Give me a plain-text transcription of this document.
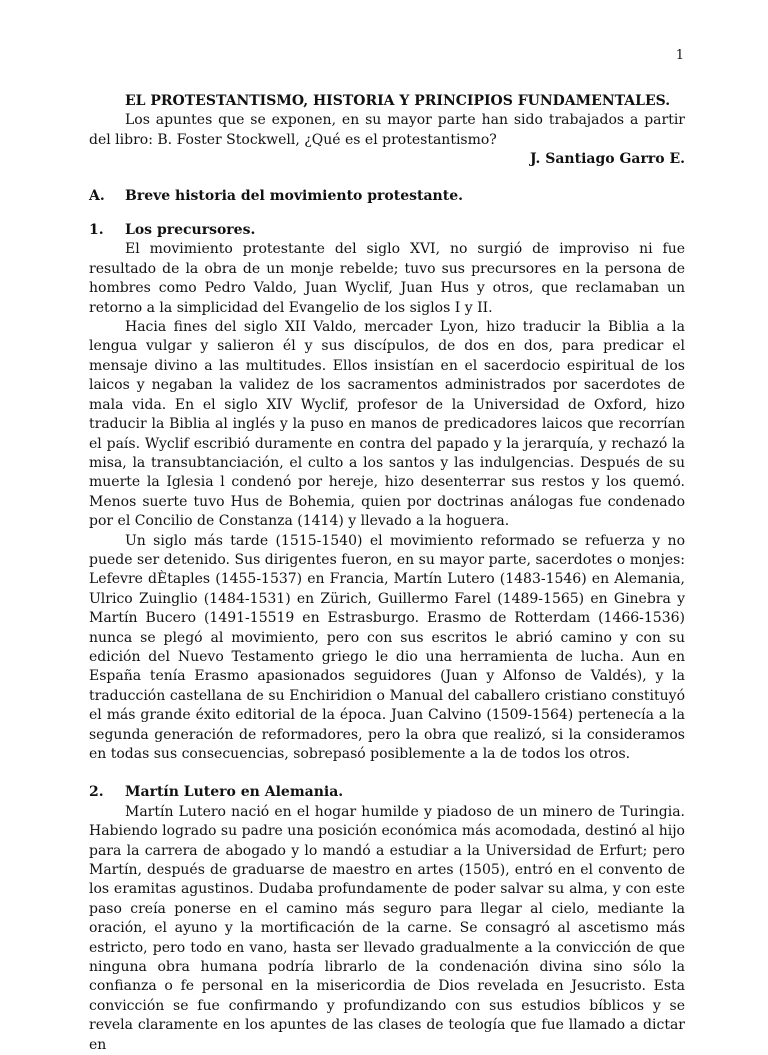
1

EL PROTESTANTISMO, HISTORIA Y PRINCIPIOS FUNDAMENTALES.

Los apuntes que se exponen, en su mayor parte han sido trabajados a partir del libro: B. Foster Stockwell, ¿Qué es el protestantismo?

J. Santiago Garro E.

A.	Breve historia del movimiento protestante.
1.	Los precursores.

El movimiento protestante del siglo XVI, no surgió de improviso ni fue resultado de la obra de un monje rebelde; tuvo sus precursores en la persona de hombres como Pedro Valdo, Juan Wyclif, Juan Hus y otros, que reclamaban un retorno a la simplicidad del Evangelio de los siglos I y II.

Hacia fines del siglo XII Valdo, mercader Lyon, hizo traducir la Biblia a la lengua vulgar y salieron él y sus discípulos, de dos en dos, para predicar el mensaje divino a las multitudes. Ellos insistían en el sacerdocio espiritual de los laicos y negaban la validez de los sacramentos administrados por sacerdotes de mala vida. En el siglo XIV Wyclif, profesor de la Universidad de Oxford, hizo traducir la Biblia al inglés y la puso en manos de predicadores laicos que recorrían el país. Wyclif escribió duramente en contra del papado y la jerarquía, y rechazó la misa, la transubtanciación, el culto a los santos y las indulgencias. Después de su muerte la Iglesia l condenó por hereje, hizo desenterrar sus restos y los quemó. Menos suerte tuvo Hus de Bohemia, quien por doctrinas análogas fue condenado por el Concilio de Constanza (1414) y llevado a la hoguera.

Un siglo más tarde (1515-1540) el movimiento reformado se refuerza y no puede ser detenido. Sus dirigentes fueron, en su mayor parte, sacerdotes o monjes: Lefevre dÈtaples (1455-1537) en Francia, Martín Lutero (1483-1546) en Alemania, Ulrico Zuinglio (1484-1531) en Zürich, Guillermo Farel (1489-1565) en Ginebra y Martín Bucero (1491-15519 en Estrasburgo. Erasmo de Rotterdam (1466-1536) nunca se plegó al movimiento, pero con sus escritos le abrió camino y con su edición del Nuevo Testamento griego le dio una herramienta de lucha. Aun en España tenía Erasmo apasionados seguidores (Juan y Alfonso de Valdés), y la traducción castellana de su Enchiridion o Manual del caballero cristiano constituyó el más grande éxito editorial de la época. Juan Calvino (1509-1564) pertenecía a la segunda generación de reformadores, pero la obra que realizó, si la consideramos en todas sus consecuencias, sobrepasó posiblemente a la de todos los otros.

2.	Martín Lutero en Alemania.

Martín Lutero nació en el hogar humilde y piadoso de un minero de Turingia. Habiendo logrado su padre una posición económica más acomodada, destinó al hijo para la carrera de abogado y lo mandó a estudiar a la Universidad de Erfurt; pero Martín, después de graduarse de maestro en artes (1505), entró en el convento de los eramitas agustinos. Dudaba profundamente de poder salvar su alma, y con este paso creía ponerse en el camino más seguro para llegar al cielo, mediante la oración, el ayuno y la mortificación de la carne. Se consagró al ascetismo más estricto, pero todo en vano, hasta ser llevado gradualmente a la convicción de que ninguna obra humana podría librarlo de la condenación divina sino sólo la confianza o fe personal en la misericordia de Dios revelada en Jesucristo. Esta convicción se fue confirmando y profundizando con sus estudios bíblicos y se revela claramente en los apuntes de las clases de teología que fue llamado a dictar en
